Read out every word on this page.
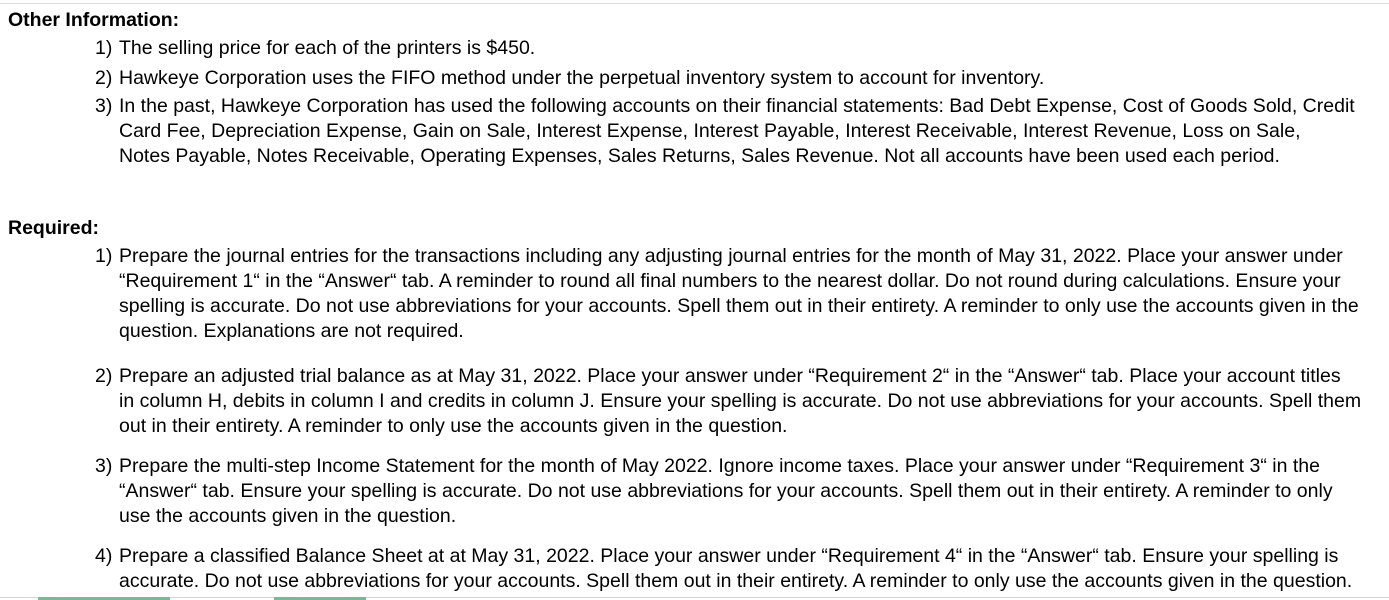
Other Information:
1) The selling price for each of the printers is $450.
2) Hawkeye Corporation uses the FIFO method under the perpetual inventory system to account for inventory.
3) In the past, Hawkeye Corporation has used the following accounts on their financial statements: Bad Debt Expense, Cost of Goods Sold, Credit
Card Fee, Depreciation Expense, Gain on Sale, Interest Expense, Interest Payable, Interest Receivable, Interest Revenue, Loss on Sale,
Notes Payable, Notes Receivable, Operating Expenses, Sales Returns, Sales Revenue. Not all accounts have been used each period.
Required:
1) Prepare the journal entries for the transactions including any adjusting journal entries for the month of May 31, 2022. Place your answer under
“Requirement 1“ in the “Answer“ tab. A reminder to round all final numbers to the nearest dollar. Do not round during calculations. Ensure your
spelling is accurate. Do not use abbreviations for your accounts. Spell them out in their entirety. A reminder to only use the accounts given in the
question. Explanations are not required.
2) Prepare an adjusted trial balance as at May 31, 2022. Place your answer under “Requirement 2“ in the “Answer“ tab. Place your account titles
in column H, debits in column I and credits in column J. Ensure your spelling is accurate. Do not use abbreviations for your accounts. Spell them
out in their entirety. A reminder to only use the accounts given in the question.
3) Prepare the multi-step Income Statement for the month of May 2022. Ignore income taxes. Place your answer under “Requirement 3“ in the
“Answer“ tab. Ensure your spelling is accurate. Do not use abbreviations for your accounts. Spell them out in their entirety. A reminder to only
use the accounts given in the question.
4) Prepare a classified Balance Sheet at at May 31, 2022. Place your answer under “Requirement 4“ in the “Answer“ tab. Ensure your spelling is
accurate. Do not use abbreviations for your accounts. Spell them out in their entirety. A reminder to only use the accounts given in the question.
